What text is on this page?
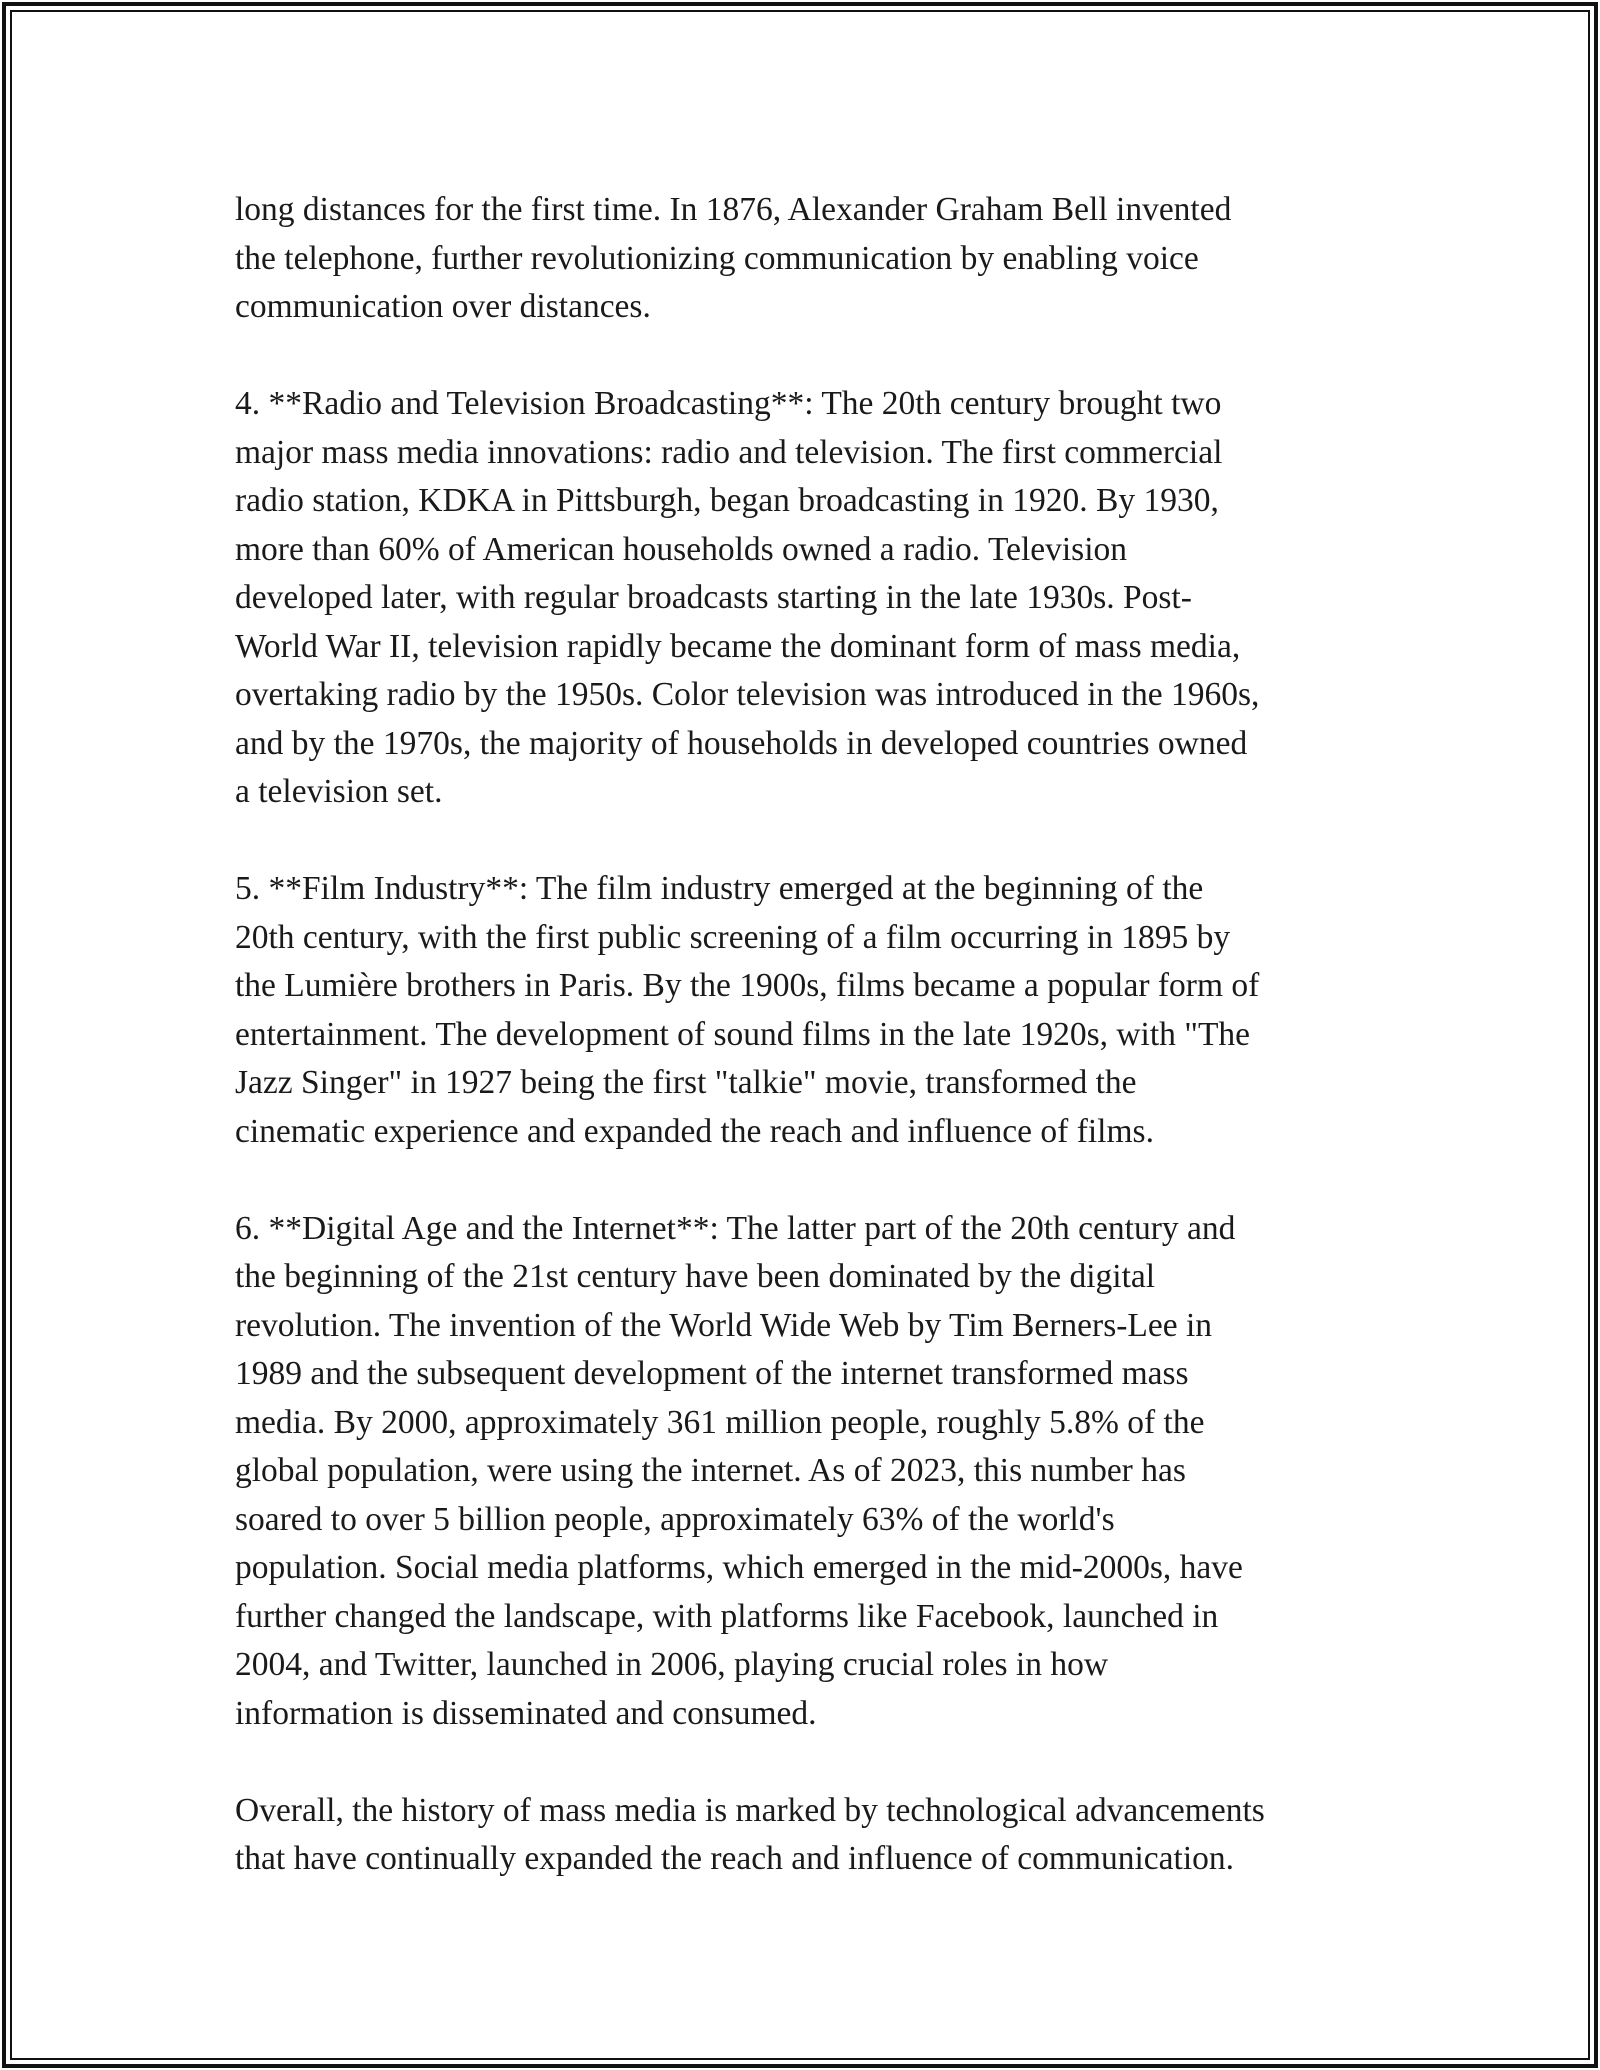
long distances for the first time. In 1876, Alexander Graham Bell invented
the telephone, further revolutionizing communication by enabling voice
communication over distances.

4. **Radio and Television Broadcasting**: The 20th century brought two
major mass media innovations: radio and television. The first commercial
radio station, KDKA in Pittsburgh, began broadcasting in 1920. By 1930,
more than 60% of American households owned a radio. Television
developed later, with regular broadcasts starting in the late 1930s. Post-
World War II, television rapidly became the dominant form of mass media,
overtaking radio by the 1950s. Color television was introduced in the 1960s,
and by the 1970s, the majority of households in developed countries owned
a television set.

5. **Film Industry**: The film industry emerged at the beginning of the
20th century, with the first public screening of a film occurring in 1895 by
the Lumière brothers in Paris. By the 1900s, films became a popular form of
entertainment. The development of sound films in the late 1920s, with "The
Jazz Singer" in 1927 being the first "talkie" movie, transformed the
cinematic experience and expanded the reach and influence of films.

6. **Digital Age and the Internet**: The latter part of the 20th century and
the beginning of the 21st century have been dominated by the digital
revolution. The invention of the World Wide Web by Tim Berners-Lee in
1989 and the subsequent development of the internet transformed mass
media. By 2000, approximately 361 million people, roughly 5.8% of the
global population, were using the internet. As of 2023, this number has
soared to over 5 billion people, approximately 63% of the world's
population. Social media platforms, which emerged in the mid-2000s, have
further changed the landscape, with platforms like Facebook, launched in
2004, and Twitter, launched in 2006, playing crucial roles in how
information is disseminated and consumed.

Overall, the history of mass media is marked by technological advancements
that have continually expanded the reach and influence of communication.
